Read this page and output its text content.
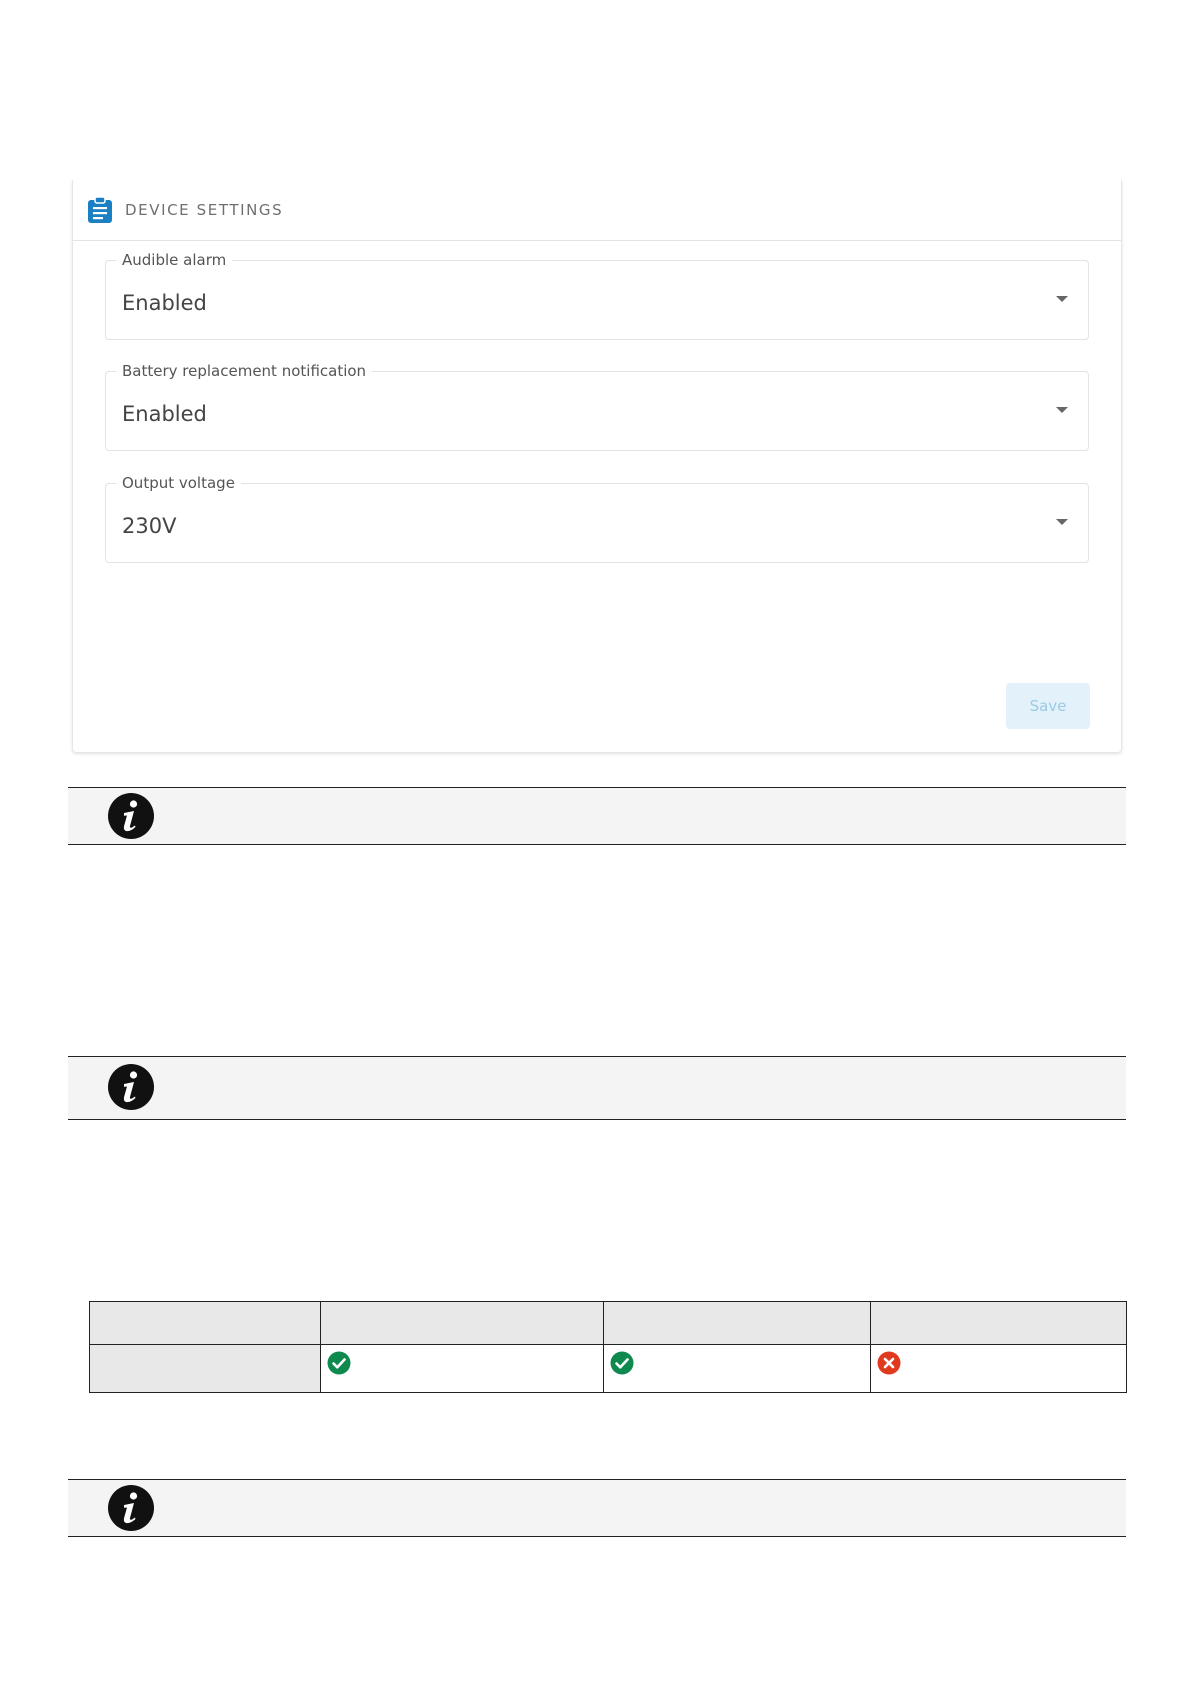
DEVICE SETTINGS
Audible alarm
Enabled
Battery replacement notification
Enabled
Output voltage
230V
Save
